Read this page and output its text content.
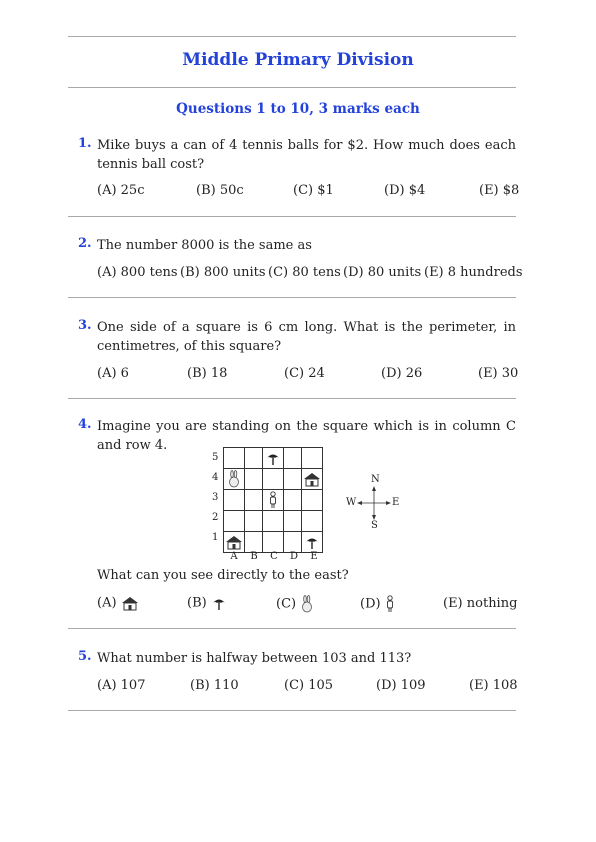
Middle Primary Division
Questions 1 to 10, 3 marks each
1. Mike buys a can of 4 tennis balls for $2. How much does each tennis ball cost?
(A) 25c	(B) 50c	(C) $1	(D) $4	(E) $8
2. The number 8000 is the same as
(A) 800 tens (B) 800 units (C) 80 tens (D) 80 units (E) 8 hundreds
3. One side of a square is 6 cm long. What is the perimeter, in centimetres, of this square?
(A) 6	(B) 18	(C) 24	(D) 26	(E) 30
4. Imagine you are standing on the square which is in column C and row 4.
5
4
3
2
1

A	B	C	D	E
N
S
E
W
What can you see directly to the east?
(A)	(B)	(C)	(D)	(E) nothing
5. What number is halfway between 103 and 113?
(A) 107	(B) 110	(C) 105	(D) 109	(E) 108
